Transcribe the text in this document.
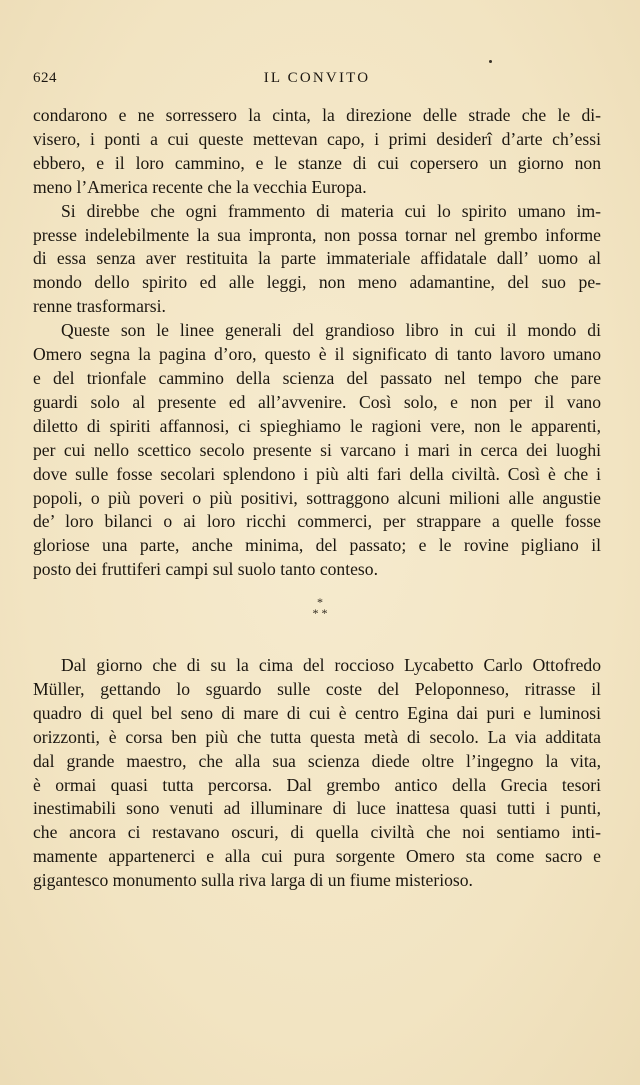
624	IL CONVITO

condarono e ne sorressero la cinta, la direzione delle strade che le di-

visero, i ponti a cui queste mettevan capo, i primi desiderî d’arte ch’essi

ebbero, e il loro cammino, e le stanze di cui copersero un giorno non

meno l’America recente che la vecchia Europa.

Si direbbe che ogni frammento di materia cui lo spirito umano im-

presse indelebilmente la sua impronta, non possa tornar nel grembo informe

di essa senza aver restituita la parte immateriale affidatale dall’ uomo al

mondo dello spirito ed alle leggi, non meno adamantine, del suo pe-

renne trasformarsi.

Queste son le linee generali del grandioso libro in cui il mondo di

Omero segna la pagina d’oro, questo è il significato di tanto lavoro umano

e del trionfale cammino della scienza del passato nel tempo che pare

guardi solo al presente ed all’avvenire. Così solo, e non per il vano

diletto di spiriti affannosi, ci spieghiamo le ragioni vere, non le apparenti,

per cui nello scettico secolo presente si varcano i mari in cerca dei luoghi

dove sulle fosse secolari splendono i più alti fari della civiltà. Così è che i

popoli, o più poveri o più positivi, sottraggono alcuni milioni alle angustie

de’ loro bilanci o ai loro ricchi commerci, per strappare a quelle fosse

gloriose una parte, anche minima, del passato; e le rovine pigliano il

posto dei fruttiferi campi sul suolo tanto conteso.

*
* *

Dal giorno che di su la cima del roccioso Lycabetto Carlo Ottofredo

Müller, gettando lo sguardo sulle coste del Peloponneso, ritrasse il

quadro di quel bel seno di mare di cui è centro Egina dai puri e luminosi

orizzonti, è corsa ben più che tutta questa metà di secolo. La via additata

dal grande maestro, che alla sua scienza diede oltre l’ingegno la vita,

è ormai quasi tutta percorsa. Dal grembo antico della Grecia tesori

inestimabili sono venuti ad illuminare di luce inattesa quasi tutti i punti,

che ancora ci restavano oscuri, di quella civiltà che noi sentiamo inti-

mamente appartenerci e alla cui pura sorgente Omero sta come sacro e

gigantesco monumento sulla riva larga di un fiume misterioso.
